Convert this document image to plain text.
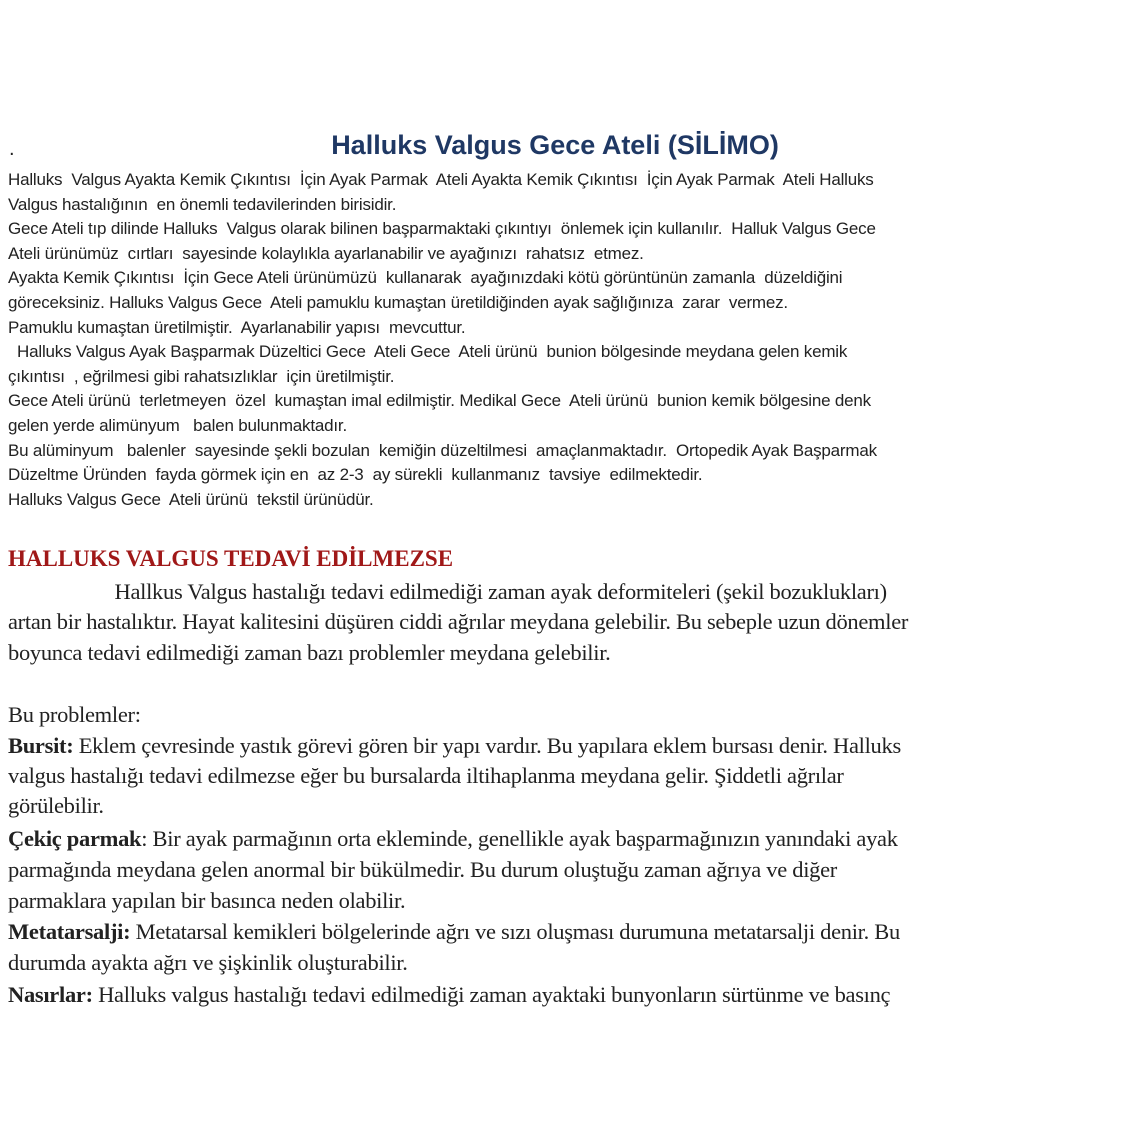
.	Halluks Valgus Gece Ateli (SİLİMO)
Halluks  Valgus Ayakta Kemik Çıkıntısı  İçin Ayak Parmak  Ateli Ayakta Kemik Çıkıntısı  İçin Ayak Parmak  Ateli Halluks
Valgus hastalığının  en önemli tedavilerinden birisidir.
Gece Ateli tıp dilinde Halluks  Valgus olarak bilinen başparmaktaki çıkıntıyı  önlemek için kullanılır.  Halluk Valgus Gece
Ateli ürünümüz  cırtları  sayesinde kolaylıkla ayarlanabilir ve ayağınızı  rahatsız  etmez.
Ayakta Kemik Çıkıntısı  İçin Gece Ateli ürünümüzü  kullanarak  ayağınızdaki kötü görüntünün zamanla  düzeldiğini
göreceksiniz. Halluks Valgus Gece  Ateli pamuklu kumaştan üretildiğinden ayak sağlığınıza  zarar  vermez.
Pamuklu kumaştan üretilmiştir.  Ayarlanabilir yapısı  mevcuttur.
Halluks Valgus Ayak Başparmak Düzeltici Gece  Ateli Gece  Ateli ürünü  bunion bölgesinde meydana gelen kemik
çıkıntısı  , eğrilmesi gibi rahatsızlıklar  için üretilmiştir.
Gece Ateli ürünü  terletmeyen  özel  kumaştan imal edilmiştir. Medikal Gece  Ateli ürünü  bunion kemik bölgesine denk
gelen yerde alimünyum   balen bulunmaktadır.
Bu alüminyum   balenler  sayesinde şekli bozulan  kemiğin düzeltilmesi  amaçlanmaktadır.  Ortopedik Ayak Başparmak
Düzeltme Üründen  fayda görmek için en  az 2-3  ay sürekli  kullanmanız  tavsiye  edilmektedir.
Halluks Valgus Gece  Ateli ürünü  tekstil ürünüdür.
HALLUKS VALGUS TEDAVİ EDİLMEZSE
Hallkus Valgus hastalığı tedavi edilmediği zaman ayak deformiteleri (şekil bozuklukları)
artan bir hastalıktır. Hayat kalitesini düşüren ciddi ağrılar meydana gelebilir. Bu sebeple uzun dönemler
boyunca tedavi edilmediği zaman bazı problemler meydana gelebilir.
Bu problemler:
Bursit: Eklem çevresinde yastık görevi gören bir yapı vardır. Bu yapılara eklem bursası denir. Halluks
valgus hastalığı tedavi edilmezse eğer bu bursalarda iltihaplanma meydana gelir. Şiddetli ağrılar
görülebilir.
Çekiç parmak: Bir ayak parmağının orta ekleminde, genellikle ayak başparmağınızın yanındaki ayak
parmağında meydana gelen anormal bir bükülmedir. Bu durum oluştuğu zaman ağrıya ve diğer
parmaklara yapılan bir basınca neden olabilir.
Metatarsalji: Metatarsal kemikleri bölgelerinde ağrı ve sızı oluşması durumuna metatarsalji denir. Bu
durumda ayakta ağrı ve şişkinlik oluşturabilir.
Nasırlar: Halluks valgus hastalığı tedavi edilmediği zaman ayaktaki bunyonların sürtünme ve basınç
